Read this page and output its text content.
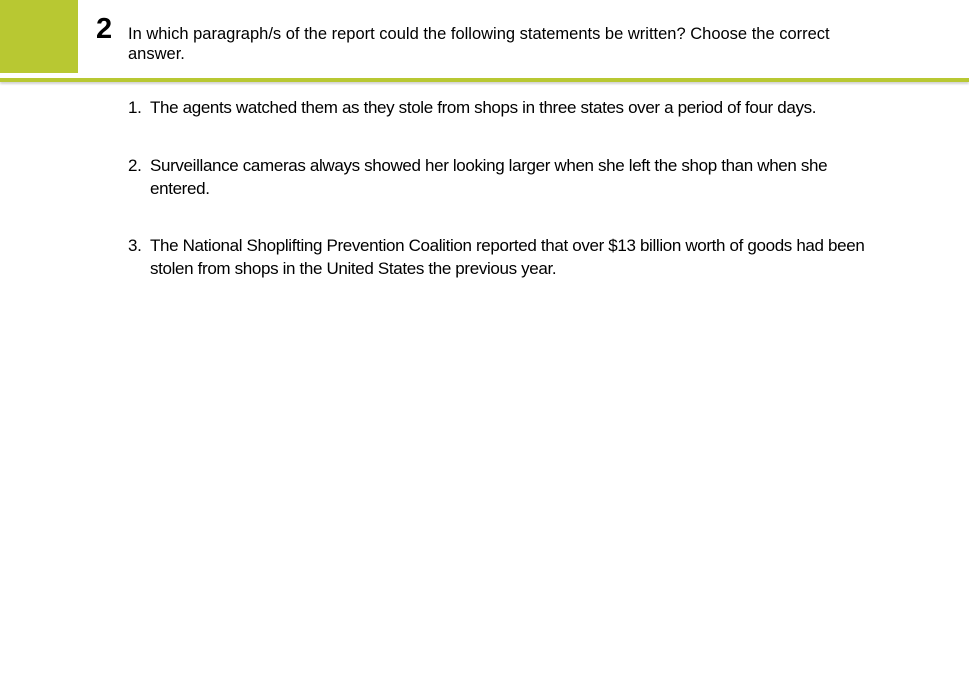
2 In which paragraph/s of the report could the following statements be written? Choose the correct answer.
1. The agents watched them as they stole from shops in three states over a period of four days.
2. Surveillance cameras always showed her looking larger when she left the shop than when she entered.
3. The National Shoplifting Prevention Coalition reported that over $13 billion worth of goods had been stolen from shops in the United States the previous year.
